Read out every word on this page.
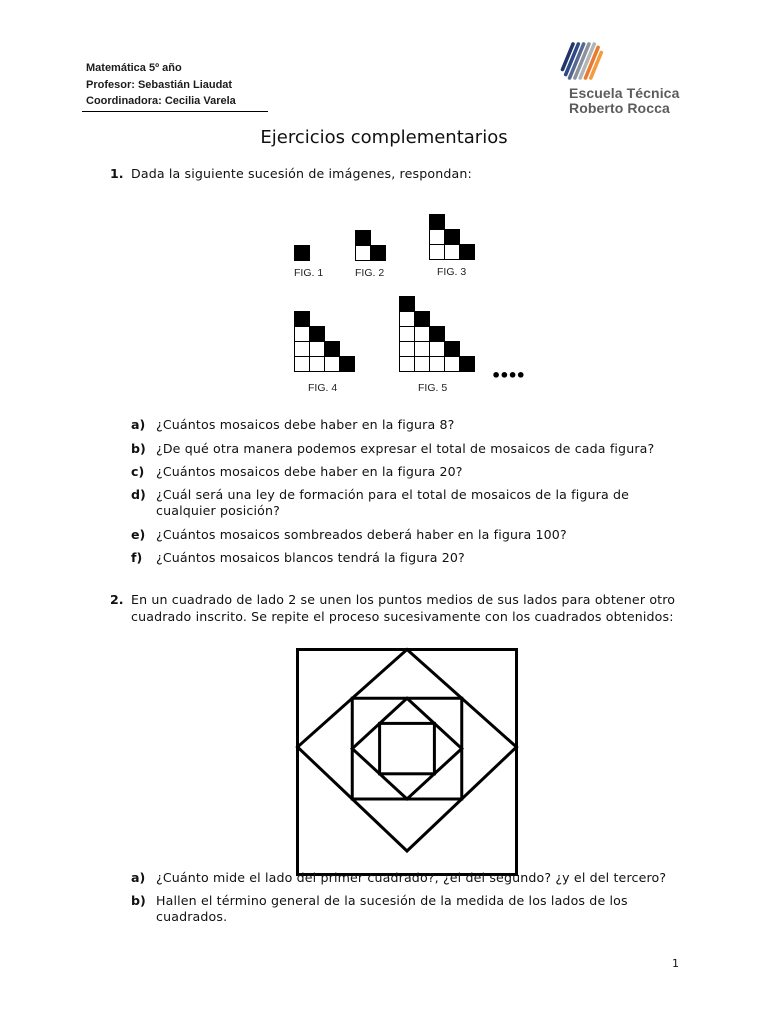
Matemática 5º año
Profesor: Sebastián Liaudat
Coordinadora: Cecilia Varela
Escuela Técnica
Roberto Rocca
Ejercicios complementarios
1. Dada la siguiente sucesión de imágenes, respondan:
FIG. 1	FIG. 2	FIG. 3
FIG. 4	FIG. 5
••••
a) ¿Cuántos mosaicos debe haber en la figura 8?
b) ¿De qué otra manera podemos expresar el total de mosaicos de cada figura?
c) ¿Cuántos mosaicos debe haber en la figura 20?
d) ¿Cuál será una ley de formación para el total de mosaicos de la figura de
cualquier posición?
e) ¿Cuántos mosaicos sombreados deberá haber en la figura 100?
f) ¿Cuántos mosaicos blancos tendrá la figura 20?
2. En un cuadrado de lado 2 se unen los puntos medios de sus lados para obtener otro
cuadrado inscrito. Se repite el proceso sucesivamente con los cuadrados obtenidos:
a) ¿Cuánto mide el lado del primer cuadrado?, ¿el del segundo? ¿y el del tercero?
b) Hallen el término general de la sucesión de la medida de los lados de los
cuadrados.
1
